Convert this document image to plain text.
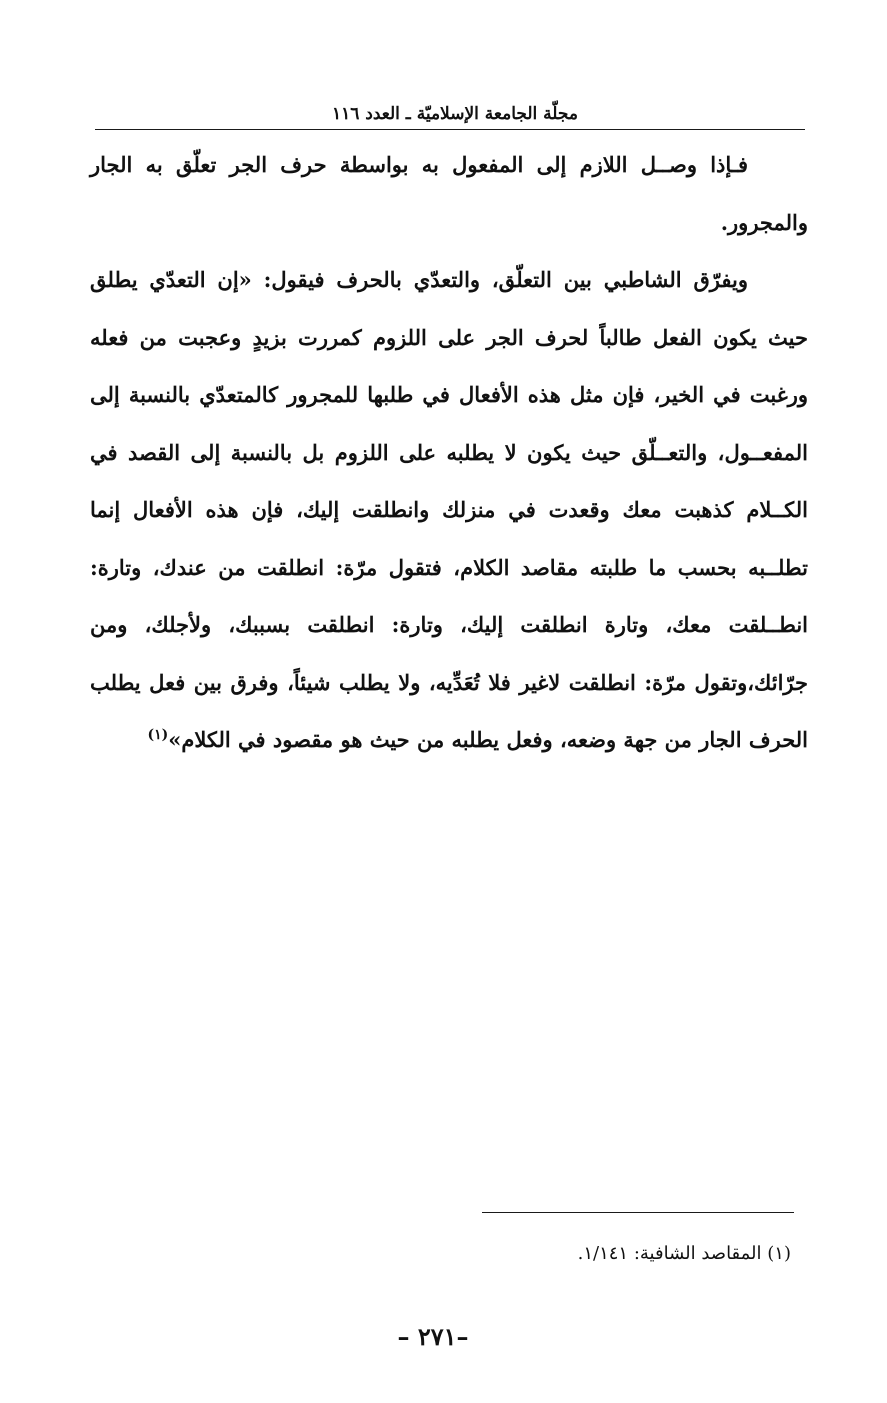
مجلّة الجامعة الإسلاميّة ـ العدد ١١٦

فـإذا وصــل اللازم إلى المفعول به بواسطة حرف الجر تعلّق به الجار والمجرور.

ويفرّق الشاطبي بين التعلّق، والتعدّي بالحرف فيقول: «إن التعدّي يطلق حيث يكون الفعل طالباً لحرف الجر على اللزوم كمررت بزيدٍ وعجبت من فعله ورغبت في الخير، فإن مثل هذه الأفعال في طلبها للمجرور كالمتعدّي بالنسبة إلى المفعــول، والتعــلّق حيث يكون لا يطلبه على اللزوم بل بالنسبة إلى القصد في الكــلام كذهبت معك وقعدت في منزلك وانطلقت إليك، فإن هذه الأفعال إنما تطلــبه بحسب ما طلبته مقاصد الكلام، فتقول مرّة: انطلقت من عندك، وتارة: انطــلقت معك، وتارة انطلقت إليك، وتارة: انطلقت بسببك، ولأجلك، ومن جرّائك،وتقول مرّة: انطلقت لاغير فلا تُعَدِّيه، ولا يطلب شيئاً، وفرق بين فعل يطلب الحرف الجار من جهة وضعه، وفعل يطلبه من حيث هو مقصود في الكلام»$^{(١)}$

(١) المقاصد الشافية: ١/١٤١.
–٢٧١ –
